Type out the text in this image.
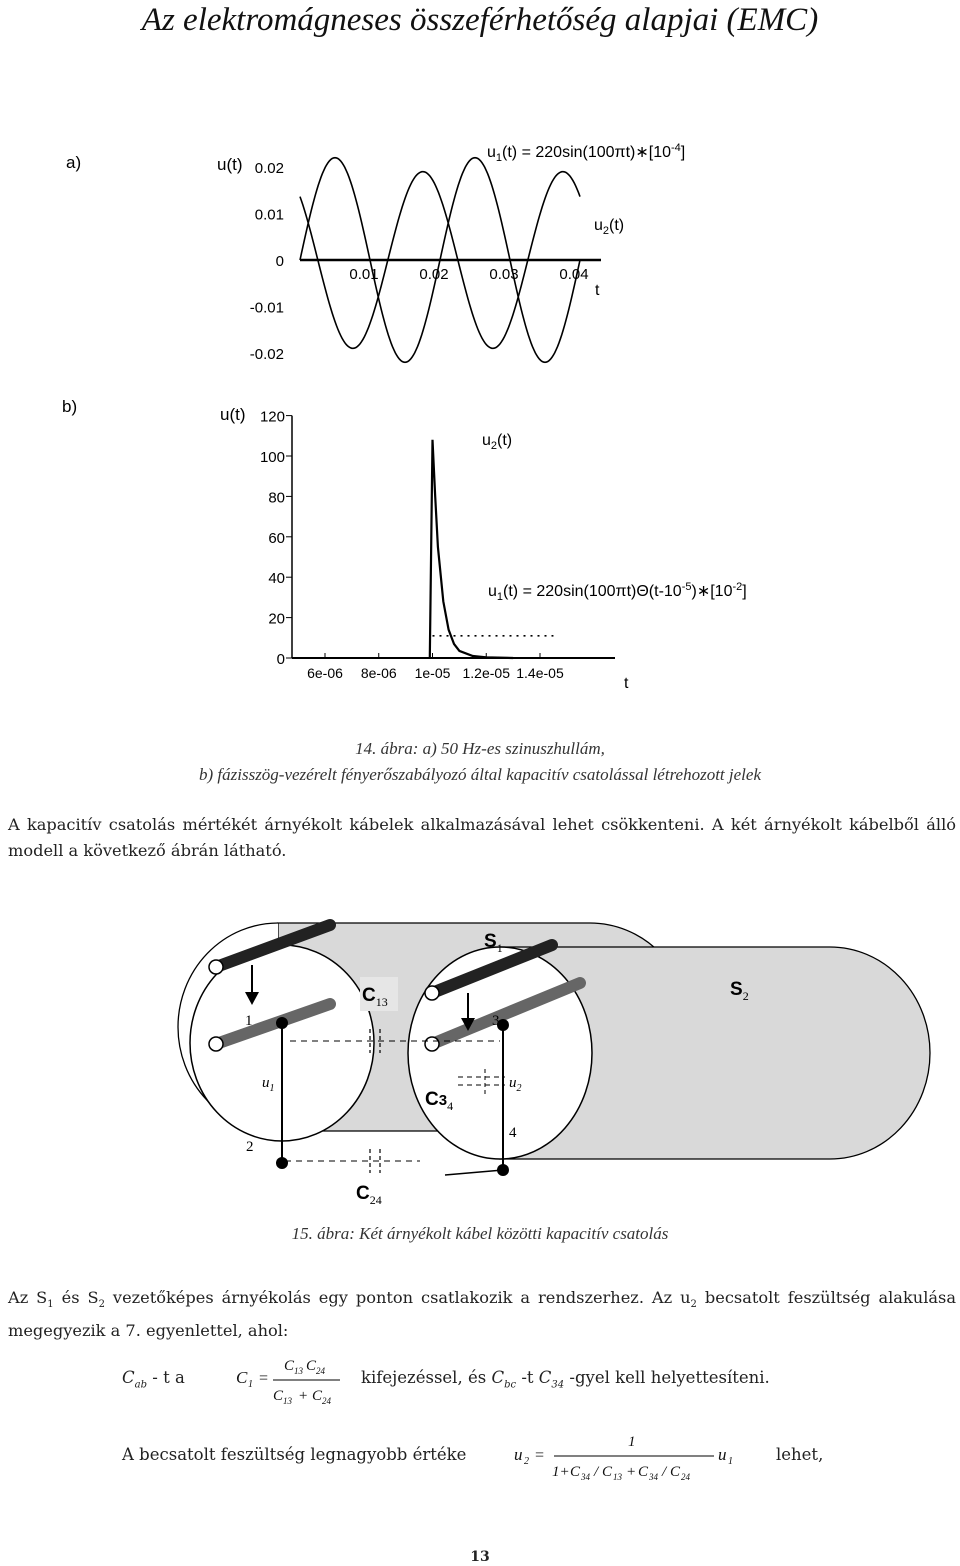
Az elektromágneses összeférhetőség alapjai (EMC)
a)	u(t) 0.02
0.01
0
-0.01
-0.02
0.01	0.02	0.03	0.04
t
$u_1(t)$ = $220\sin(100\pi t)∗[10^{-4}]$
$u_2(t)$
b)	u(t) 120
100
80
60
40
20
0
6e-06 8e-06 1e-05 1.2e-05 1.4e-05
t
$u_2(t)$
$u_1(t)$ = $220\sin(100\pi t)\Theta(t-10^{-5})∗[10^{-2}]$
14. ábra: a) 50 Hz-es szinuszhullám,
b) fázisszög-vezérelt fényerőszabályozó által kapacitív csatolással létrehozott jelek
A kapacitív csatolás mértékét árnyékolt kábelek alkalmazásával lehet csökkenteni. A két árnyékolt kábelből álló modell a következő ábrán látható.
$S_1$
$S_2$
$C_{13}$
$C3_4$
$C_{24}$
1
2
3
4
$u_1$	$u_2$
15. ábra: Két árnyékolt kábel közötti kapacitív csatolás
Az $S_1$ és $S_2$ vezetőképes árnyékolás egy ponton csatlakozik a rendszerhez. Az $u_2$ becsatolt feszültség alakulása megegyezik a 7. egyenlettel, ahol:
$C_{ab}$ - t a	C 1 =
C 13 C 24
C 13 + C 24
kifejezéssel, és $C_{bc}$ -t $C_{34}$ -gyel kell helyettesíteni.
A becsatolt feszültség legnagyobb értéke	u 2 =
1
1+ C 34 / C 13 + C 34 / C 24
u 1	lehet,
13
